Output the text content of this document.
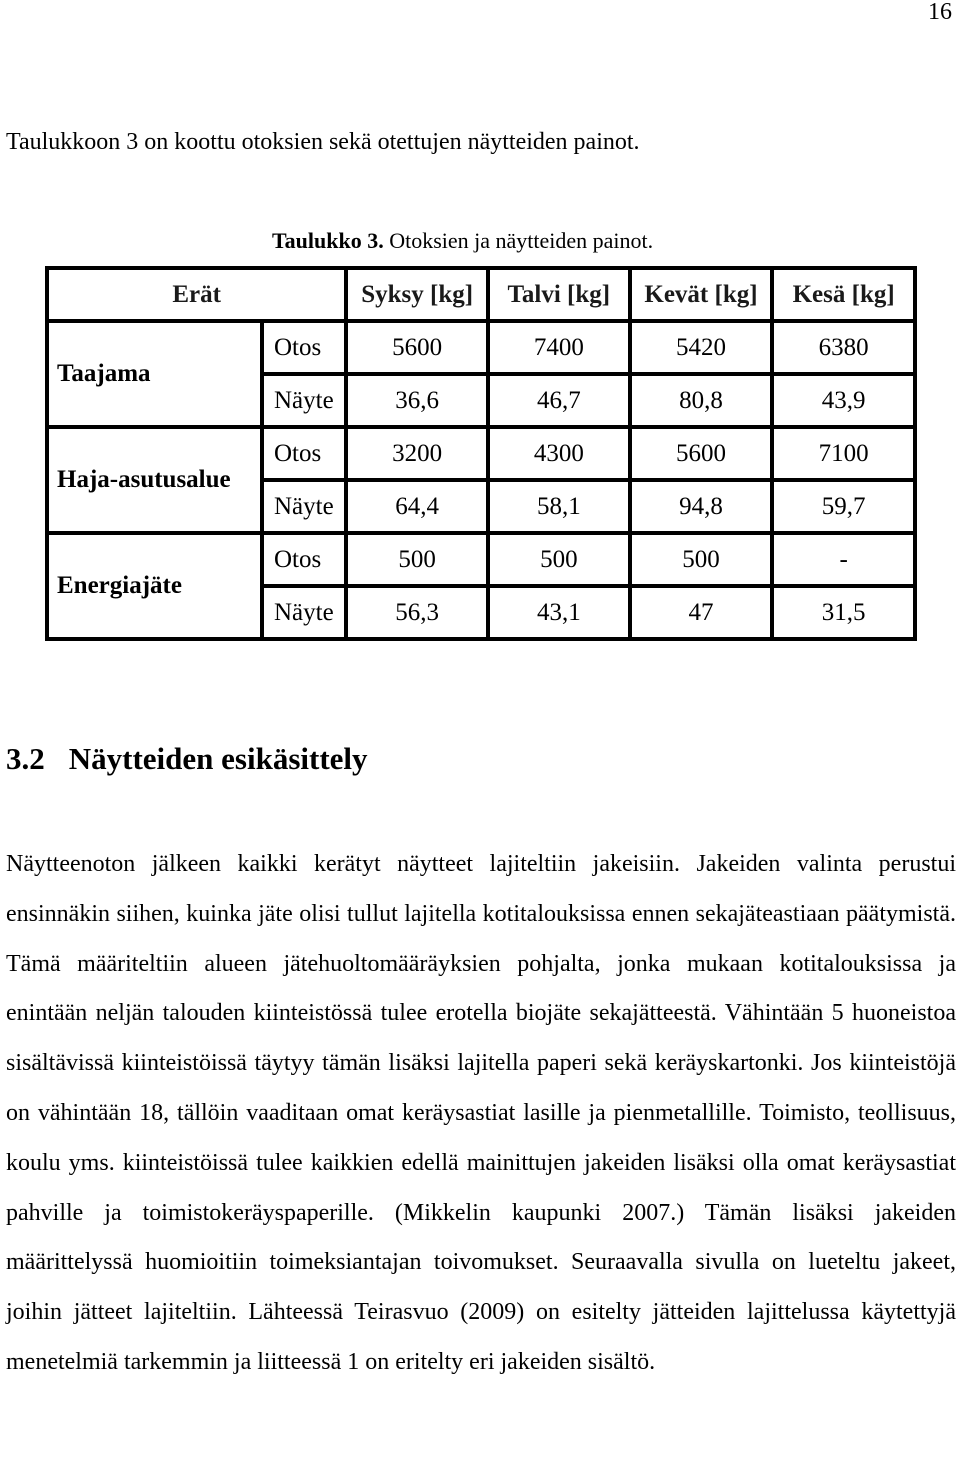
16
Taulukkoon 3 on koottu otoksien sekä otettujen näytteiden painot.
Taulukko 3. Otoksien ja näytteiden painot.
Erät		Syksy [kg]	Talvi [kg]	Kevät [kg]	Kesä [kg]
Taajama	Otos	5600	7400	5420	6380
	Näyte	36,6	46,7	80,8	43,9
Haja-asutusalue	Otos	3200	4300	5600	7100
	Näyte	64,4	58,1	94,8	59,7
Energiajäte	Otos	500	500	500	-
	Näyte	56,3	43,1	47	31,5
3.2 Näytteiden esikäsittely
Näytteenoton jälkeen kaikki kerätyt näytteet lajiteltiin jakeisiin. Jakeiden valinta perustui ensinnäkin siihen, kuinka jäte olisi tullut lajitella kotitalouksissa ennen sekajäteastiaan päätymistä. Tämä määriteltiin alueen jätehuoltomääräyksien pohjalta, jonka mukaan kotitalouksissa ja enintään neljän talouden kiinteistössä tulee erotella biojäte sekajätteestä. Vähintään 5 huoneistoa sisältävissä kiinteistöissä täytyy tämän lisäksi lajitella paperi sekä keräyskartonki. Jos kiinteistöjä on vähintään 18, tällöin vaaditaan omat keräysastiat lasille ja pienmetallille. Toimisto, teollisuus, koulu yms. kiinteistöissä tulee kaikkien edellä mainittujen jakeiden lisäksi olla omat keräysastiat pahville ja toimistokeräyspaperille. (Mikkelin kaupunki 2007.) Tämän lisäksi jakeiden määrittelyssä huomioitiin toimeksiantajan toivomukset. Seuraavalla sivulla on lueteltu jakeet, joihin jätteet lajiteltiin. Lähteessä Teirasvuo (2009) on esitelty jätteiden lajittelussa käytettyjä menetelmiä tarkemmin ja liitteessä 1 on eritelty eri jakeiden sisältö.
